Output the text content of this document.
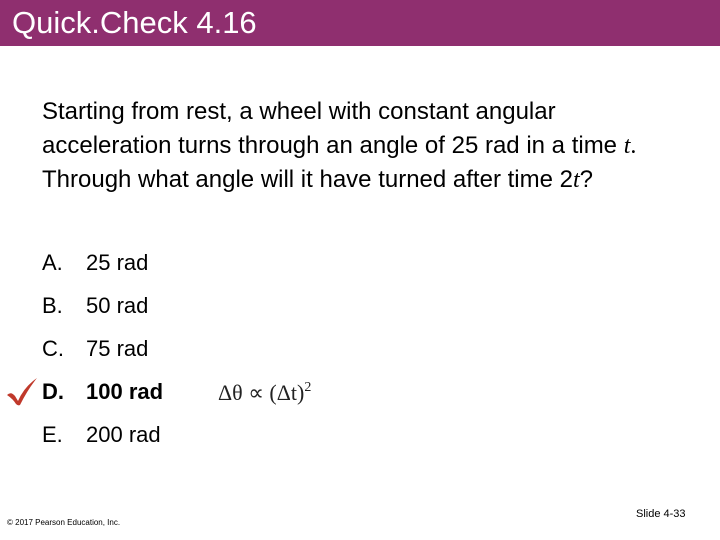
Quick.Check 4.16
Starting from rest, a wheel with constant angular
acceleration turns through an angle of 25 rad in a time t.
Through what angle will it have turned after time 2t?
A. 25 rad
B. 50 rad
C. 75 rad
D. 100 rad
E. 200 rad
$\Delta\theta \propto (\Delta t)^2$
© 2017 Pearson Education, Inc.
Slide 4-33
